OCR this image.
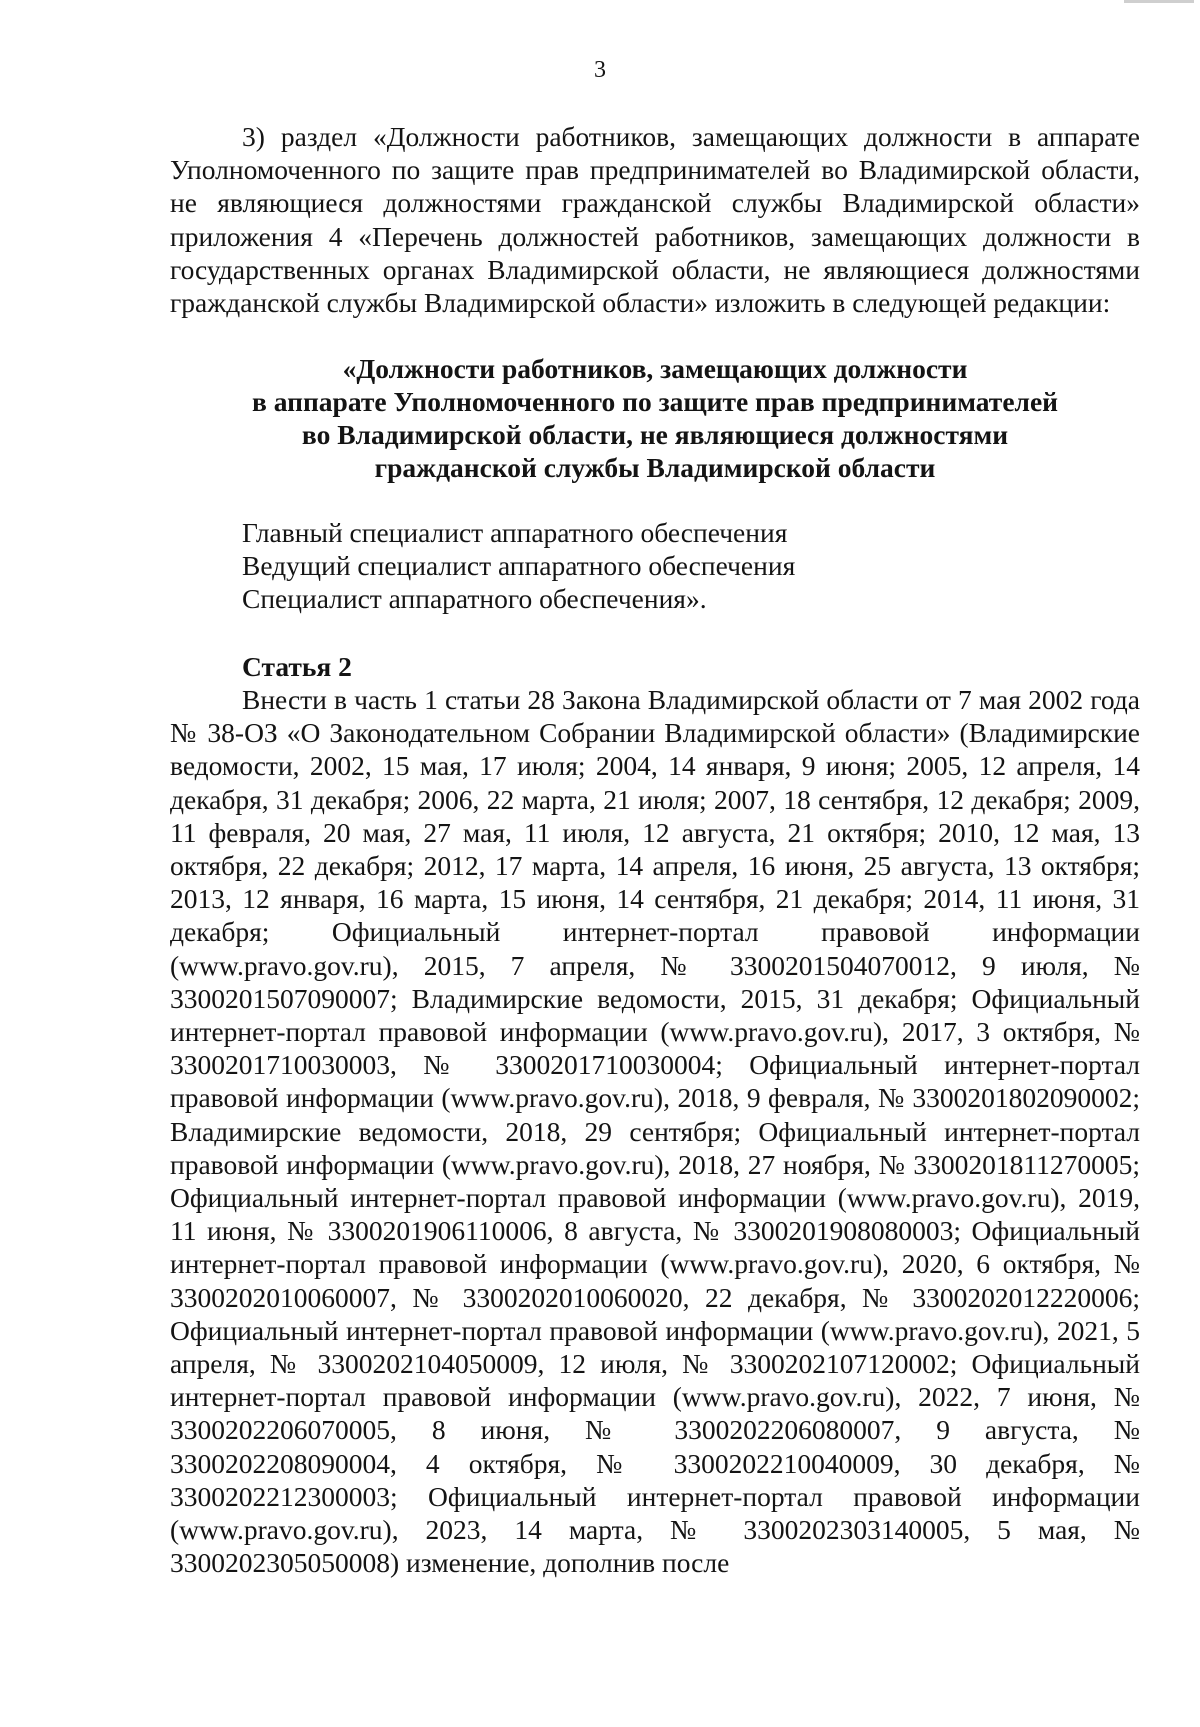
3

3) раздел «Должности работников, замещающих должности в аппарате Уполномоченного по защите прав предпринимателей во Владимирской области, не являющиеся должностями гражданской службы Владимирской области» приложения 4 «Перечень должностей работников, замещающих должности в государственных органах Владимирской области, не являющиеся должностями гражданской службы Владимирской области» изложить в следующей редакции:

«Должности работников, замещающих должности
в аппарате Уполномоченного по защите прав предпринимателей
во Владимирской области, не являющиеся должностями
гражданской службы Владимирской области
Главный специалист аппаратного обеспечения
Ведущий специалист аппаратного обеспечения
Специалист аппаратного обеспечения».
Статья 2

Внести в часть 1 статьи 28 Закона Владимирской области от 7 мая 2002 года № 38-ОЗ «О Законодательном Собрании Владимирской области» (Владимирские ведомости, 2002, 15 мая, 17 июля; 2004, 14 января, 9 июня; 2005, 12 апреля, 14 декабря, 31 декабря; 2006, 22 марта, 21 июля; 2007, 18 сентября, 12 декабря; 2009, 11 февраля, 20 мая, 27 мая, 11 июля, 12 августа, 21 октября; 2010, 12 мая, 13 октября, 22 декабря; 2012, 17 марта, 14 апреля, 16 июня, 25 августа, 13 октября; 2013, 12 января, 16 марта, 15 июня, 14 сентября, 21 декабря; 2014, 11 июня, 31 декабря; Официальный интернет-портал правовой информации (www.pravo.gov.ru), 2015, 7 апреля, № 3300201504070012, 9 июля, № 3300201507090007; Владимирские ведомости, 2015, 31 декабря; Официальный интернет-портал правовой информации (www.pravo.gov.ru), 2017, 3 октября, № 3300201710030003, № 3300201710030004; Официальный интернет-портал правовой информации (www.pravo.gov.ru), 2018, 9 февраля, № 3300201802090002; Владимирские ведомости, 2018, 29 сентября; Официальный интернет-портал правовой информации (www.pravo.gov.ru), 2018, 27 ноября, № 3300201811270005; Официальный интернет-портал правовой информации (www.pravo.gov.ru), 2019, 11 июня, № 3300201906110006, 8 августа, № 3300201908080003; Официальный интернет-портал правовой информации (www.pravo.gov.ru), 2020, 6 октября, № 3300202010060007, № 3300202010060020, 22 декабря, № 3300202012220006; Официальный интернет-портал правовой информации (www.pravo.gov.ru), 2021, 5 апреля, № 3300202104050009, 12 июля, № 3300202107120002; Официальный интернет-портал правовой информации (www.pravo.gov.ru), 2022, 7 июня, № 3300202206070005, 8 июня, № 3300202206080007, 9 августа, № 3300202208090004, 4 октября, № 3300202210040009, 30 декабря, № 3300202212300003; Официальный интернет-портал правовой информации (www.pravo.gov.ru), 2023, 14 марта, № 3300202303140005, 5 мая, № 3300202305050008) изменение, дополнив после
